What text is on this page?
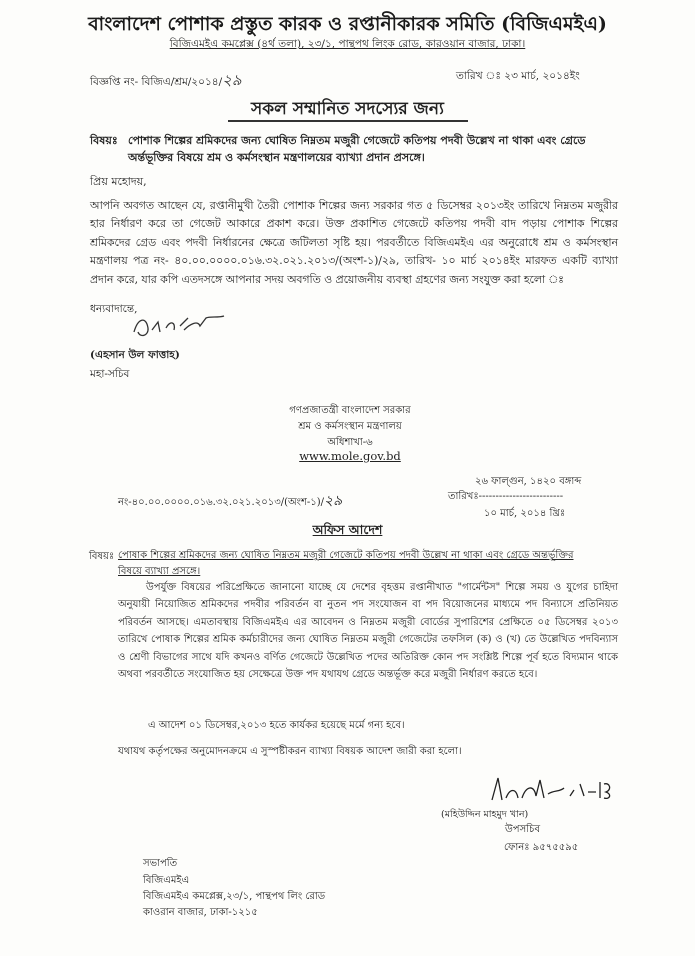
বাংলাদেশ পোশাক প্রস্তুত কারক ও রপ্তানীকারক সমিতি (বিজিএমইএ)
বিজিএমইএ কমপ্লেক্স (৪র্থ তলা), ২৩/১, পান্থপথ লিংক রোড, কারওয়ান বাজার, ঢাকা।
বিজ্ঞপ্তি নং- বিজিএ/শ্রম/২০১৪/২৯	তারিখ ঃ ২৩ মার্চ, ২০১৪ইং
সকল সম্মানিত সদস্যের জন্য
বিষয়ঃ পোশাক শিল্পের শ্রমিকদের জন্য ঘোষিত নিম্নতম মজুরী গেজেটে কতিপয় পদবী উল্লেখ না থাকা এবং গ্রেডে অর্ন্তভূক্তির বিষয়ে শ্রম ও কর্মসংস্থান মন্ত্রণালয়ের ব্যাখ্যা প্রদান প্রসঙ্গে।
প্রিয় মহোদয়,
আপনি অবগত আছেন যে, রপ্তানীমুখী তৈরী পোশাক শিল্পের জন্য সরকার গত ৫ ডিসেম্বর ২০১৩ইং তারিখে নিম্নতম মজুরীর হার নির্ধারণ করে তা গেজেট আকারে প্রকাশ করে। উক্ত প্রকাশিত গেজেটে কতিপয় পদবী বাদ পড়ায় পোশাক শিল্পের শ্রমিকদের গ্রেড এবং পদবী নির্ধারনের ক্ষেত্রে জটিলতা সৃষ্টি হয়। পরবর্তীতে বিজিএমইএ এর অনুরোধে শ্রম ও কর্মসংস্থান মন্ত্রণালয় পত্র নং- ৪০.০০.০০০০.০১৬.৩২.০২১.২০১৩/(অংশ-১)/২৯, তারিখ- ১০ মার্চ ২০১৪ইং মারফত একটি ব্যাখ্যা প্রদান করে, যার কপি এতদসঙ্গে আপনার সদয় অবগতি ও প্রয়োজনীয় ব্যবস্থা গ্রহণের জন্য সংযুক্ত করা হলো ঃ
ধন্যবাদান্তে,
(এহসান উল ফাত্তাহ)
মহা-সচিব
গণপ্রজাতন্ত্রী বাংলাদেশ সরকার
শ্রম ও কর্মসংস্থান মন্ত্রণালয়
অধিশাখা-৬
www.mole.gov.bd
২৬ ফাল্গুন, ১৪২০ বঙ্গাব্দ
তারিখঃ-------------------------
১০ মার্চ, ২০১৪ খ্রিঃ
নং-৪০.০০.০০০০.০১৬.৩২.০২১.২০১৩/(অংশ-১)/২৯
অফিস আদেশ
বিষয়ঃ পোষাক শিল্পের শ্রমিকদের জন্য ঘোষিত নিম্নতম মজুরী গেজেটে কতিপয় পদবী উল্লেখ না থাকা এবং গ্রেডে অন্তর্ভূক্তির বিষয়ে ব্যাখ্যা প্রসঙ্গে।
উপর্যুক্ত বিষয়ের পরিপ্রেক্ষিতে জানানো যাচ্ছে যে দেশের বৃহত্তম রপ্তানীখাত "গার্মেন্টস" শিল্পে সময় ও যুগের চাহিদা অনুযায়ী নিয়োজিত শ্রমিকদের পদবীর পরিবর্তন বা নুতন পদ সংযোজন বা পদ বিয়োজনের মাধ্যমে পদ বিন্যাসে প্রতিনিয়ত পরিবর্তন আসছে। এমতাবস্থায় বিজিএমইএ এর আবেদন ও নিম্নতম মজুরী বোর্ডের সুপারিশের প্রেক্ষিতে ০৫ ডিসেম্বর ২০১৩ তারিখে পোষাক শিল্পের শ্রমিক কর্মচারীদের জন্য ঘোষিত নিম্নতম মজুরী গেজেটের তফসিল (ক) ও (খ) তে উল্লেখিত পদবিন্যাস ও শ্রেণী বিভাগের সাথে যদি কখনও বর্ণিত গেজেটে উল্লেখিত পদের অতিরিক্ত কোন পদ সংশ্লিষ্ট শিল্পে পূর্ব হতে বিদ্যমান থাকে অথবা পরবর্তীতে সংযোজিত হয় সেক্ষেত্রে উক্ত পদ যথাযথ গ্রেডে অন্তর্ভূক্ত করে মজুরী নির্ধারণ করতে হবে।
এ আদেশ ০১ ডিসেম্বর,২০১৩ হতে কার্যকর হয়েছে মর্মে গন্য হবে।
যথাযথ কর্তৃপক্ষের অনুমোদনক্রমে এ সুস্পষ্টীকরন ব্যাখ্যা বিষয়ক আদেশ জারী করা হলো।
(মহিউদ্দিন মাহমুদ খান)
উপসচিব
ফোনঃ ৯৫৭৫৫৯৫
সভাপতি
বিজিএমইএ
বিজিএমইএ কমপ্লেক্স,২৩/১, পান্থপথ লিং রোড
কাওরান বাজার, ঢাকা-১২১৫
